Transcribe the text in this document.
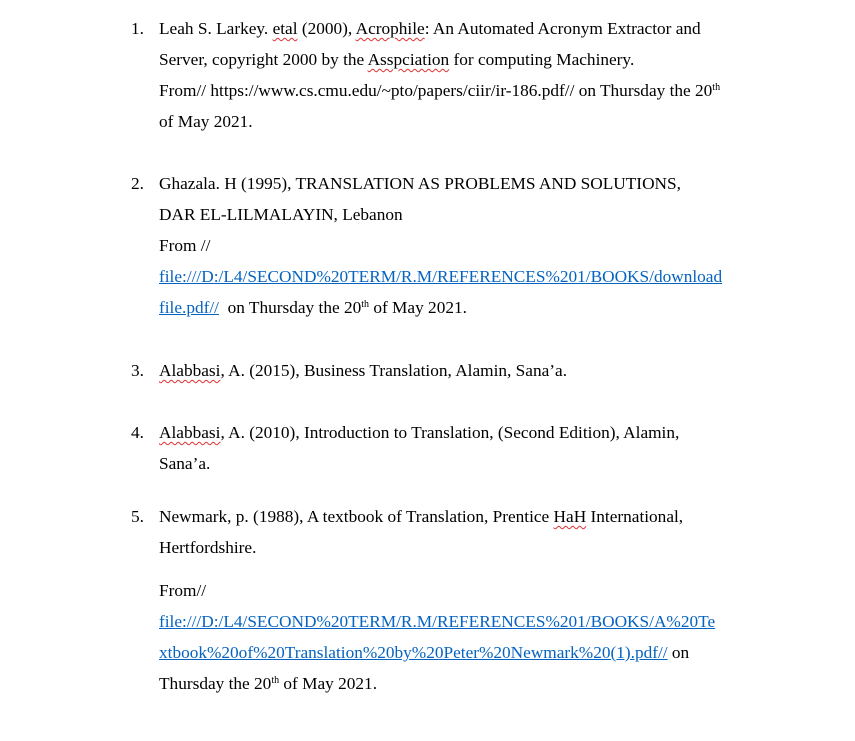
1. Leah S. Larkey. etal (2000), Acrophile: An Automated Acronym Extractor and
Server, copyright 2000 by the Asspciation for computing Machinery.
From// https://www.cs.cmu.edu/~pto/papers/ciir/ir-186.pdf// on Thursday the 20th
of May 2021.
2. Ghazala. H (1995), TRANSLATION AS PROBLEMS AND SOLUTIONS,
DAR EL-LILMALAYIN, Lebanon
From //
file:///D:/L4/SECOND%20TERM/R.M/REFERENCES%201/BOOKS/download
file.pdf//  on Thursday the 20th of May 2021.
3. Alabbasi, A. (2015), Business Translation, Alamin, Sana’a.
4. Alabbasi, A. (2010), Introduction to Translation, (Second Edition), Alamin,
Sana’a.
5. Newmark, p. (1988), A textbook of Translation, Prentice HaH International,
Hertfordshire.
From//
file:///D:/L4/SECOND%20TERM/R.M/REFERENCES%201/BOOKS/A%20Te
xtbook%20of%20Translation%20by%20Peter%20Newmark%20(1).pdf// on
Thursday the 20th of May 2021.
